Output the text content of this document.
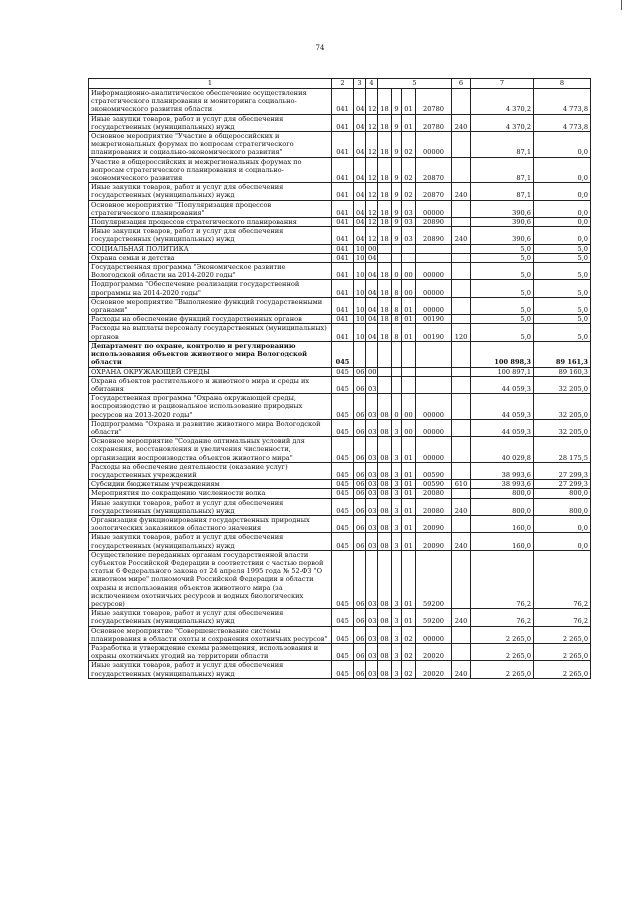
74
1	2	3	4	5				6	7	8
Информационно-аналитическое обеспечение осуществления стратегического планирования и мониторинга социально-экономического развития области	041	04	12	18	9	01	20780		4 370,2	4 773,8
Иные закупки товаров, работ и услуг для обеспечения государственных (муниципальных) нужд	041	04	12	18	9	01	20780	240	4 370,2	4 773,8
Основное мероприятие "Участие в общероссийских и межрегиональных форумах по вопросам стратегического планирования и социально-экономического развития"	041	04	12	18	9	02	00000		87,1	0,0
Участие в общероссийских и межрегиональных форумах по вопросам стратегического планирования и социально-экономического развития	041	04	12	18	9	02	20870		87,1	0,0
Иные закупки товаров, работ и услуг для обеспечения государственных (муниципальных) нужд	041	04	12	18	9	02	20870	240	87,1	0,0
Основное мероприятие "Популяризация процессов стратегического планирования"	041	04	12	18	9	03	00000		390,6	0,0
Популяризация процессов стратегического планирования	041	04	12	18	9	03	20890		390,6	0,0
Иные закупки товаров, работ и услуг для обеспечения государственных (муниципальных) нужд	041	04	12	18	9	03	20890	240	390,6	0,0
СОЦИАЛЬНАЯ ПОЛИТИКА	041	10	00						5,0	5,0
Охрана семьи и детства	041	10	04						5,0	5,0
Государственная программа "Экономическое развитие Вологодской области на 2014-2020 годы"	041	10	04	18	0	00	00000		5,0	5,0
Подпрограмма "Обеспечение реализации государственной программы на 2014-2020 годы"	041	10	04	18	8	00	00000		5,0	5,0
Основное мероприятие "Выполнение функций государственными органами"	041	10	04	18	8	01	00000		5,0	5,0
Расходы на обеспечение функций государственных органов	041	10	04	18	8	01	00190		5,0	5,0
Расходы на выплаты персоналу государственных (муниципальных) органов	041	10	04	18	8	01	00190	120	5,0	5,0
Департамент по охране, контролю и регулированию использования объектов животного мира Вологодской области	045								100 898,3	89 161,3
ОХРАНА ОКРУЖАЮЩЕЙ СРЕДЫ	045	06	00						100 897,1	89 160,3
Охрана объектов растительного и животного мира и среды их обитания	045	06	03						44 059,3	32 205,0
Государственная программа "Охрана окружающей среды, воспроизводство и рациональное использование природных ресурсов на 2013-2020 годы"	045	06	03	08	0	00	00000		44 059,3	32 205,0
Подпрограмма "Охрана и развитие животного мира Вологодской области"	045	06	03	08	3	00	00000		44 059,3	32 205,0
Основное мероприятие "Создание оптимальных условий для сохранения, восстановления и увеличения численности, организации воспроизводства объектов животного мира"	045	06	03	08	3	01	00000		40 029,8	28 175,5
Расходы на обеспечение деятельности (оказание услуг) государственных учреждений	045	06	03	08	3	01	00590		38 993,6	27 299,3
Субсидии бюджетным учреждениям	045	06	03	08	3	01	00590	610	38 993,6	27 299,3
Мероприятия по сокращению численности волка	045	06	03	08	3	01	20080		800,0	800,0
Иные закупки товаров, работ и услуг для обеспечения государственных (муниципальных) нужд	045	06	03	08	3	01	20080	240	800,0	800,0
Организация функционирования государственных природных зоологических заказников областного значения	045	06	03	08	3	01	20090		160,0	0,0
Иные закупки товаров, работ и услуг для обеспечения государственных (муниципальных) нужд	045	06	03	08	3	01	20090	240	160,0	0,0
Осуществление переданных органам государственной власти субъектов Российской Федерации в соответствии с частью первой статьи 6 Федерального закона от 24 апреля 1995 года № 52-ФЗ "О животном мире" полномочий Российской Федерации в области охраны и использования объектов животного мира (за исключением охотничьих ресурсов и водных биологических ресурсов)	045	06	03	08	3	01	59200		76,2	76,2
Иные закупки товаров, работ и услуг для обеспечения государственных (муниципальных) нужд	045	06	03	08	3	01	59200	240	76,2	76,2
Основное мероприятие "Совершенствование системы планирования в области охоты и сохранения охотничьих ресурсов"	045	06	03	08	3	02	00000		2 265,0	2 265,0
Разработка и утверждение схемы размещения, использования и охраны охотничьих угодий на территории области	045	06	03	08	3	02	20020		2 265,0	2 265,0
Иные закупки товаров, работ и услуг для обеспечения государственных (муниципальных) нужд	045	06	03	08	3	02	20020	240	2 265,0	2 265,0
